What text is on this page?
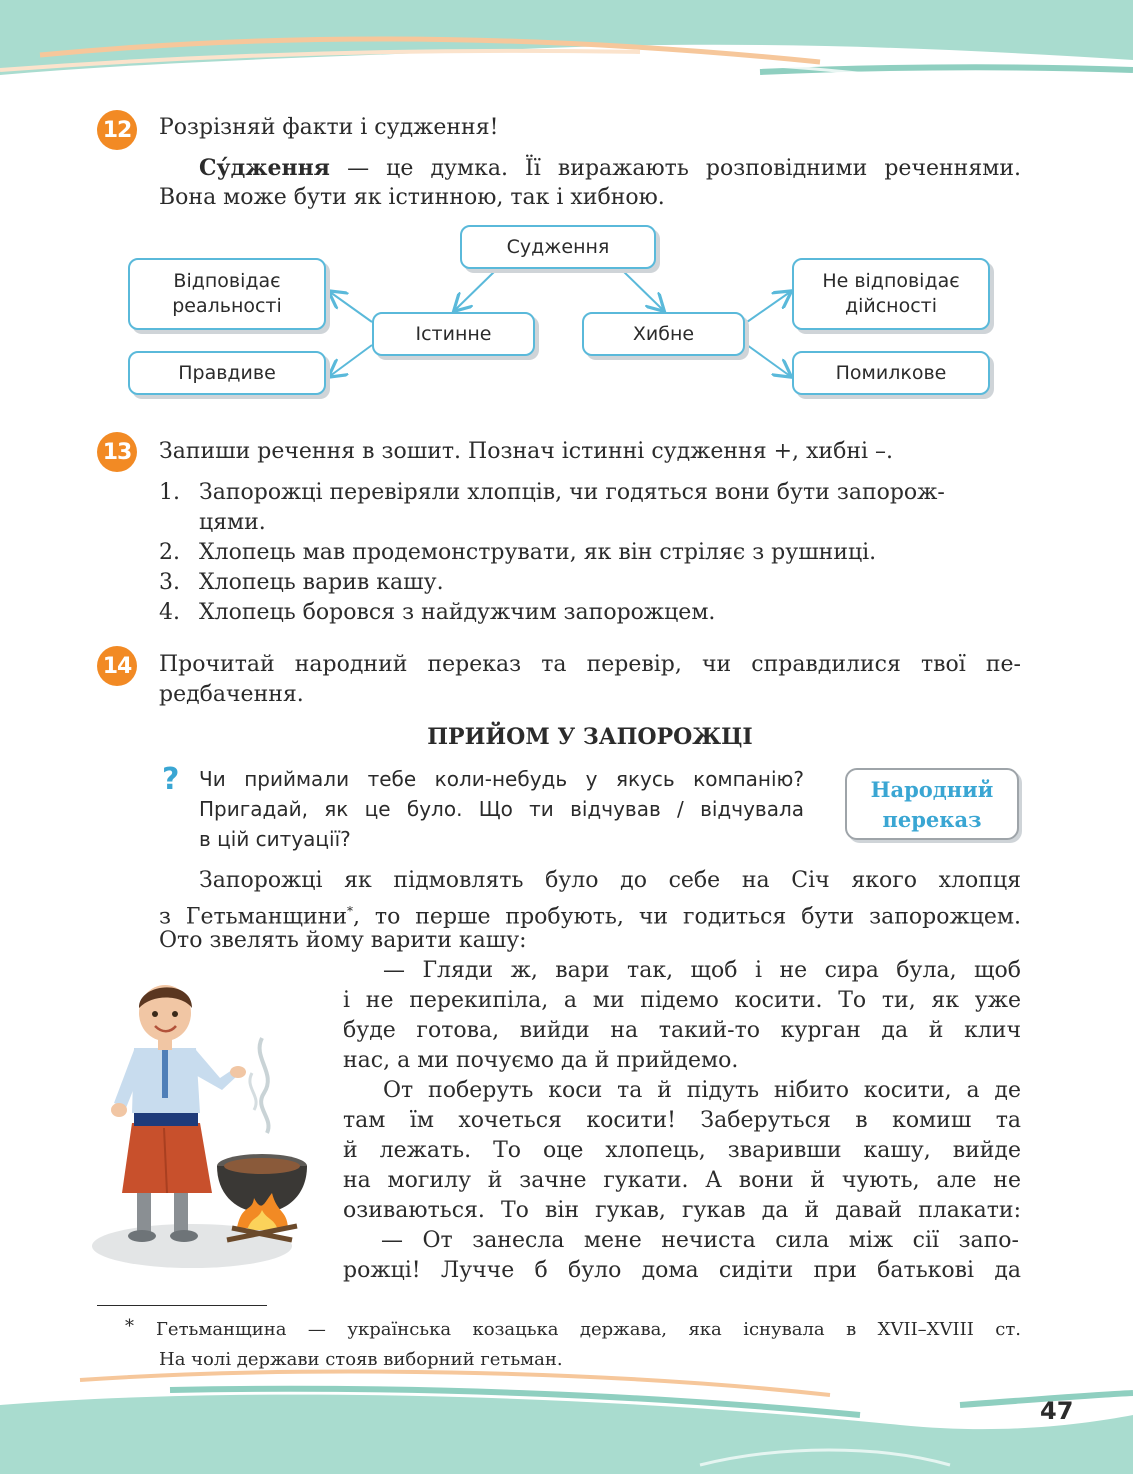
12 Розрізняй факти і судження!
Су́дження — це думка. Її виражають розповідними реченнями.
Вона може бути як істинною, так і хибною.
Судження
Істинне	Хибне
Відповідає
реальності
Правдиве
Не відповідає
дійсності
Помилкове
13 Запиши речення в зошит. Познач істинні судження +, хибні –.
1. Запорожці перевіряли хлопців, чи годяться вони бути запорож-
цями.
2. Хлопець мав продемонструвати, як він стріляє з рушниці.
3. Хлопець варив кашу.
4. Хлопець боровся з найдужчим запорожцем.
14 Прочитай народний переказ та перевір, чи справдилися твої пе-
редбачення.
ПРИЙОМ У ЗАПОРОЖЦІ
? Чи приймали тебе коли-небудь у якусь компанію?
Пригадай, як це було. Що ти відчував / відчувала
в цій ситуації?
Народний
переказ
Запорожці як підмовлять було до себе на Січ якого хлопця
з Гетьманщини*, то перше пробують, чи годиться бути запорожцем.
Ото звелять йому варити кашу:
— Гляди ж, вари так, щоб і не сира була, щоб
і не перекипіла, а ми підемо косити. То ти, як уже
буде готова, вийди на такий-то курган да й клич
нас, а ми почуємо да й прийдемо.
От поберуть коси та й підуть нібито косити, а де
там їм хочеться косити! Заберуться в комиш та
й лежать. То оце хлопець, зваривши кашу, вийде
на могилу й зачне гукати. А вони й чують, але не
озиваються. То він гукав, гукав да й давай плакати:
— От занесла мене нечиста сила між сії запо-
рожці! Лучче б було дома сидіти при батькові да
* Гетьманщина — українська козацька держава, яка існувала в XVII–XVIII ст.
На чолі держави стояв виборний гетьман.
47
